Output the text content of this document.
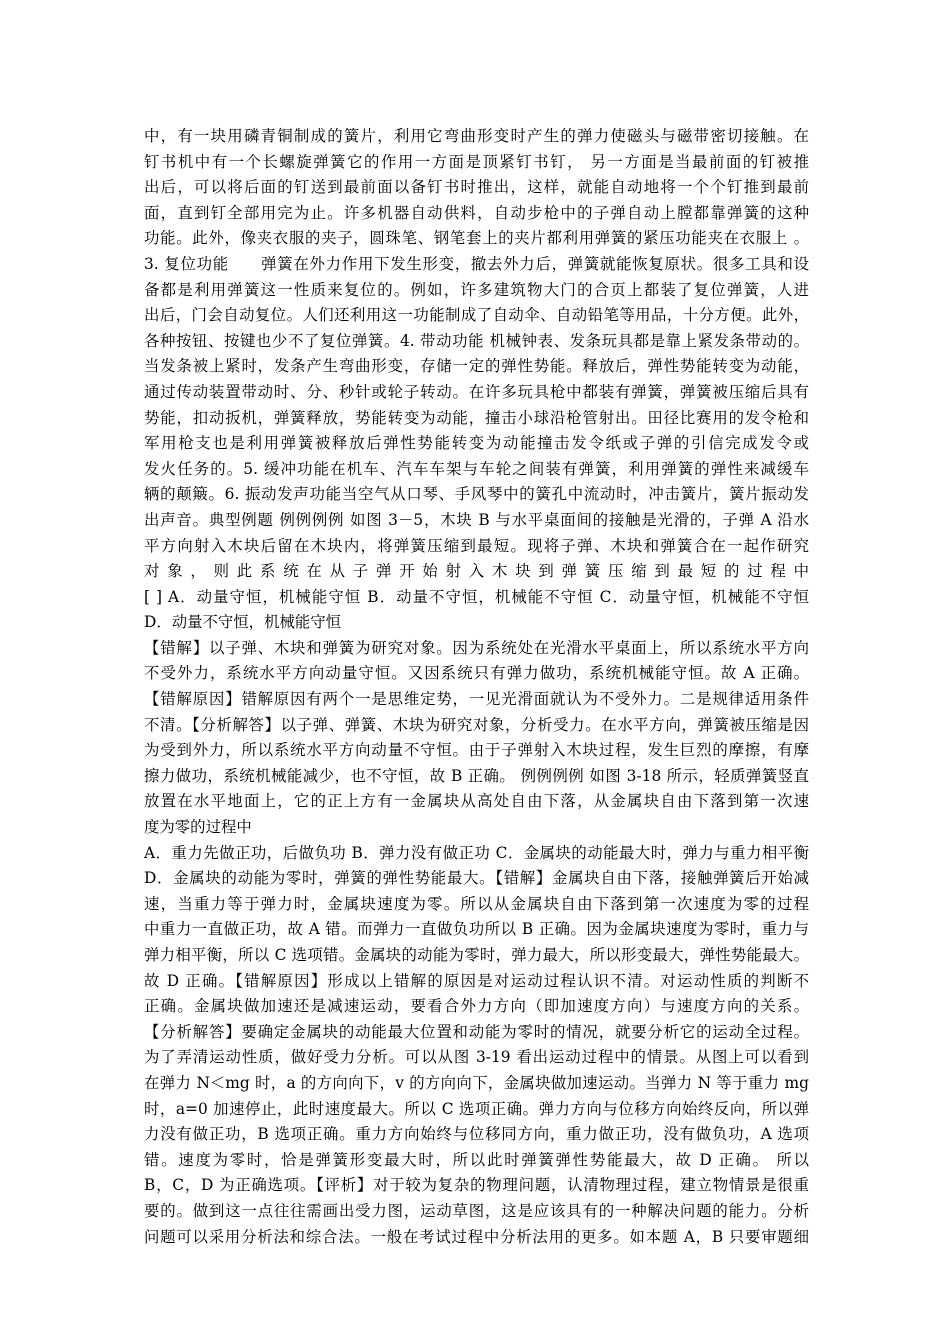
中，有一块用磷青铜制成的簧片，利用它弯曲形变时产生的弹力使磁头与磁带密切接触。在
钉书机中有一个长螺旋弹簧它的作用一方面是顶紧钉书钉， 另一方面是当最前面的钉被推
出后，可以将后面的钉送到最前面以备钉书时推出，这样，就能自动地将一个个钉推到最前
面，直到钉全部用完为止。许多机器自动供料，自动步枪中的子弹自动上膛都靠弹簧的这种
功能。此外，像夹衣服的夹子，圆珠笔、钢笔套上的夹片都利用弹簧的紧压功能夹在衣服上 。
3. 复位功能　　弹簧在外力作用下发生形变，撤去外力后，弹簧就能恢复原状。很多工具和设
备都是利用弹簧这一性质来复位的。例如，许多建筑物大门的合页上都装了复位弹簧，人进
出后，门会自动复位。人们还利用这一功能制成了自动伞、自动铅笔等用品，十分方便。此外，
各种按钮、按键也少不了复位弹簧。4. 带动功能 机械钟表、发条玩具都是靠上紧发条带动的。
当发条被上紧时，发条产生弯曲形变，存储一定的弹性势能。释放后，弹性势能转变为动能，
通过传动装置带动时、分、秒针或轮子转动。在许多玩具枪中都装有弹簧，弹簧被压缩后具有
势能，扣动扳机，弹簧释放，势能转变为动能，撞击小球沿枪管射出。田径比赛用的发令枪和
军用枪支也是利用弹簧被释放后弹性势能转变为动能撞击发令纸或子弹的引信完成发令或
发火任务的。5. 缓冲功能在机车、汽车车架与车轮之间装有弹簧，利用弹簧的弹性来减缓车
辆的颠簸。6. 振动发声功能当空气从口琴、手风琴中的簧孔中流动时，冲击簧片，簧片振动发
出声音。典型例题 例例例例 如图 3－5，木块 B 与水平桌面间的接触是光滑的，子弹 A 沿水
平方向射入木块后留在木块内，将弹簧压缩到最短。现将子弹、木块和弹簧合在一起作研究
对 象 ， 则 此 系 统 在 从 子 弹 开 始 射 入 木 块 到 弹 簧 压 缩 到 最 短 的 过 程 中
[ ] A．动量守恒，机械能守恒 B．动量不守恒，机械能不守恒 C．动量守恒，机械能不守恒
D．动量不守恒，机械能守恒
【错解】以子弹、木块和弹簧为研究对象。因为系统处在光滑水平桌面上，所以系统水平方向
不受外力，系统水平方向动量守恒。又因系统只有弹力做功，系统机械能守恒。故 A 正确。
【错解原因】错解原因有两个一是思维定势，一见光滑面就认为不受外力。二是规律适用条件
不清。【分析解答】以子弹、弹簧、木块为研究对象，分析受力。在水平方向，弹簧被压缩是因
为受到外力，所以系统水平方向动量不守恒。由于子弹射入木块过程，发生巨烈的摩擦，有摩
擦力做功，系统机械能减少，也不守恒，故 B 正确。 例例例例 如图 3-18 所示，轻质弹簧竖直
放置在水平地面上，它的正上方有一金属块从高处自由下落，从金属块自由下落到第一次速
度为零的过程中
A．重力先做正功，后做负功 B．弹力没有做正功 C．金属块的动能最大时，弹力与重力相平衡
D．金属块的动能为零时，弹簧的弹性势能最大。【错解】金属块自由下落，接触弹簧后开始减
速，当重力等于弹力时，金属块速度为零。所以从金属块自由下落到第一次速度为零的过程
中重力一直做正功，故 A 错。而弹力一直做负功所以 B 正确。因为金属块速度为零时，重力与
弹力相平衡，所以 C 选项错。金属块的动能为零时，弹力最大，所以形变最大，弹性势能最大。
故 D 正确。【错解原因】形成以上错解的原因是对运动过程认识不清。对运动性质的判断不
正确。金属块做加速还是减速运动，要看合外力方向（即加速度方向）与速度方向的关系。
【分析解答】要确定金属块的动能最大位置和动能为零时的情况，就要分析它的运动全过程。
为了弄清运动性质，做好受力分析。可以从图 3-19 看出运动过程中的情景。从图上可以看到
在弹力 N＜mg 时，a 的方向向下，v 的方向向下，金属块做加速运动。当弹力 N 等于重力 mg
时，a=0 加速停止，此时速度最大。所以 C 选项正确。弹力方向与位移方向始终反向，所以弹
力没有做正功，B 选项正确。重力方向始终与位移同方向，重力做正功，没有做负功，A 选项
错。速度为零时，恰是弹簧形变最大时，所以此时弹簧弹性势能最大，故 D 正确。 所以
B，C，D 为正确选项。【评析】对于较为复杂的物理问题，认清物理过程，建立物情景是很重
要的。做到这一点往往需画出受力图，运动草图，这是应该具有的一种解决问题的能力。分析
问题可以采用分析法和综合法。一般在考试过程中分析法用的更多。如本题 A，B 只要审题细
